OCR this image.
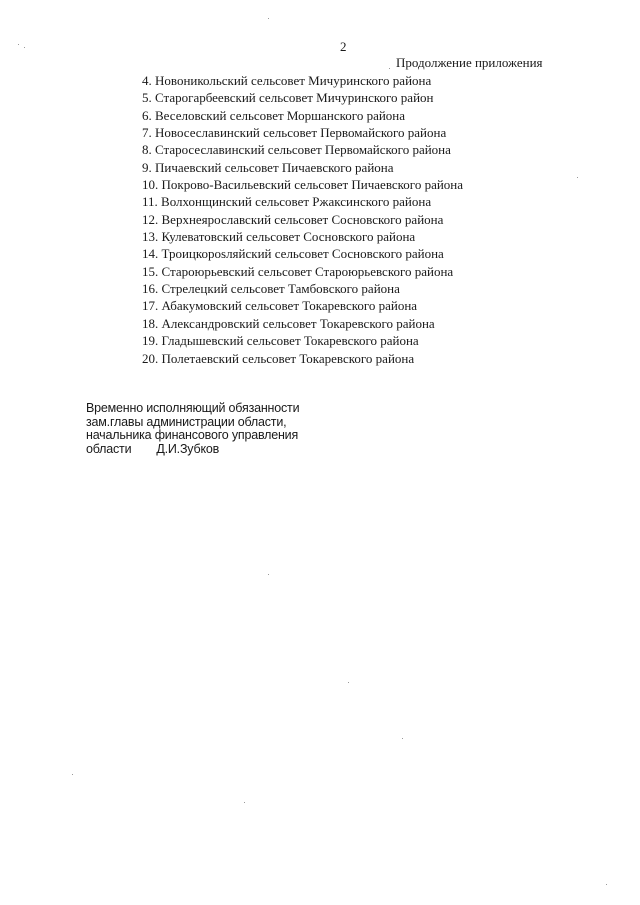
2
Продолжение приложения
4. Новоникольский сельсовет Мичуринского района
5. Старогарбеевский сельсовет Мичуринского район
6. Веселовский сельсовет Моршанского района
7. Новосеславинский сельсовет Первомайского района
8. Старосеславинский сельсовет Первомайского района
9. Пичаевский сельсовет Пичаевского района
10. Покрово-Васильевский сельсовет Пичаевского района
11. Волхонщинский сельсовет Ржаксинского района
12. Верхнеярославский сельсовет Сосновского района
13. Кулеватовский сельсовет Сосновского района
14. Троицкорosляйский сельсовет Сосновского района
15. Староюрьевский сельсовет Староюрьевского района
16. Стрелецкий сельсовет Тамбовского района
17. Абакумовский сельсовет Токаревского района
18. Александровский сельсовет Токаревского района
19. Гладышевский сельсовет Токаревского района
20. Полетаевский сельсовет Токаревского района
Временно исполняющий обязанности
зам.главы администрации области,
начальника финансового управления
области Д.И.Зубков
